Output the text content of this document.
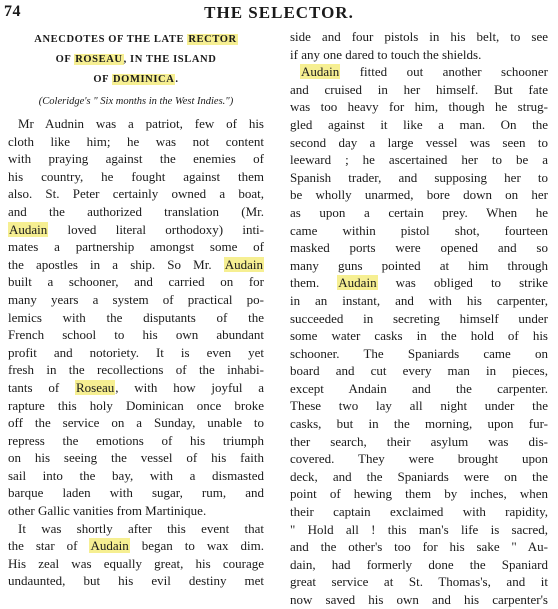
74	THE SELECTOR.
ANECDOTES OF THE LATE RECTOR
OF ROSEAU, IN THE ISLAND
OF DOMINICA.
(Coleridge's " Six months in the West Indies.")
Mr Audnin was a patriot, few of his
cloth like him; he was not content
with praying against the enemies of
his country, he fought against them
also. St. Peter certainly owned a boat,
and the authorized translation (Mr.
Audain loved literal orthodoxy) inti-
mates a partnership amongst some of
the apostles in a ship. So Mr. Audain
built a schooner, and carried on for
many years a system of practical po-
lemics with the disputants of the
French school to his own abundant
profit and notoriety. It is even yet
fresh in the recollections of the inhabi-
tants of Roseau, with how joyful a
rapture this holy Dominican once broke
off the service on a Sunday, unable to
repress the emotions of his triumph
on his seeing the vessel of his faith
sail into the bay, with a dismasted
barque laden with sugar, rum, and
other Gallic vanities from Martinique.
It was shortly after this event that
the star of Audain began to wax dim.
His zeal was equally great, his courage
undaunted, but his evil destiny met
side and four pistols in his belt, to see
if any one dared to touch the shields.
Audain fitted out another schooner
and cruised in her himself. But fate
was too heavy for him, though he strug-
gled against it like a man. On the
second day a large vessel was seen to
leeward ; he ascertained her to be a
Spanish trader, and supposing her to
be wholly unarmed, bore down on her
as upon a certain prey. When he
came within pistol shot, fourteen
masked ports were opened and so
many guns pointed at him through
them. Audain was obliged to strike
in an instant, and with his carpenter,
succeeded in secreting himself under
some water casks in the hold of his
schooner. The Spaniards came on
board and cut every man in pieces,
except Andain and the carpenter.
These two lay all night under the
casks, but in the morning, upon fur-
ther search, their asylum was dis-
covered. They were brought upon
deck, and the Spaniards were on the
point of hewing them by inches, when
their captain exclaimed with rapidity,
" Hold all ! this man's life is sacred,
and the other's too for his sake " Au-
dain, had formerly done the Spaniard
great service at St. Thomas's, and it
now saved his own and his carpenter's
